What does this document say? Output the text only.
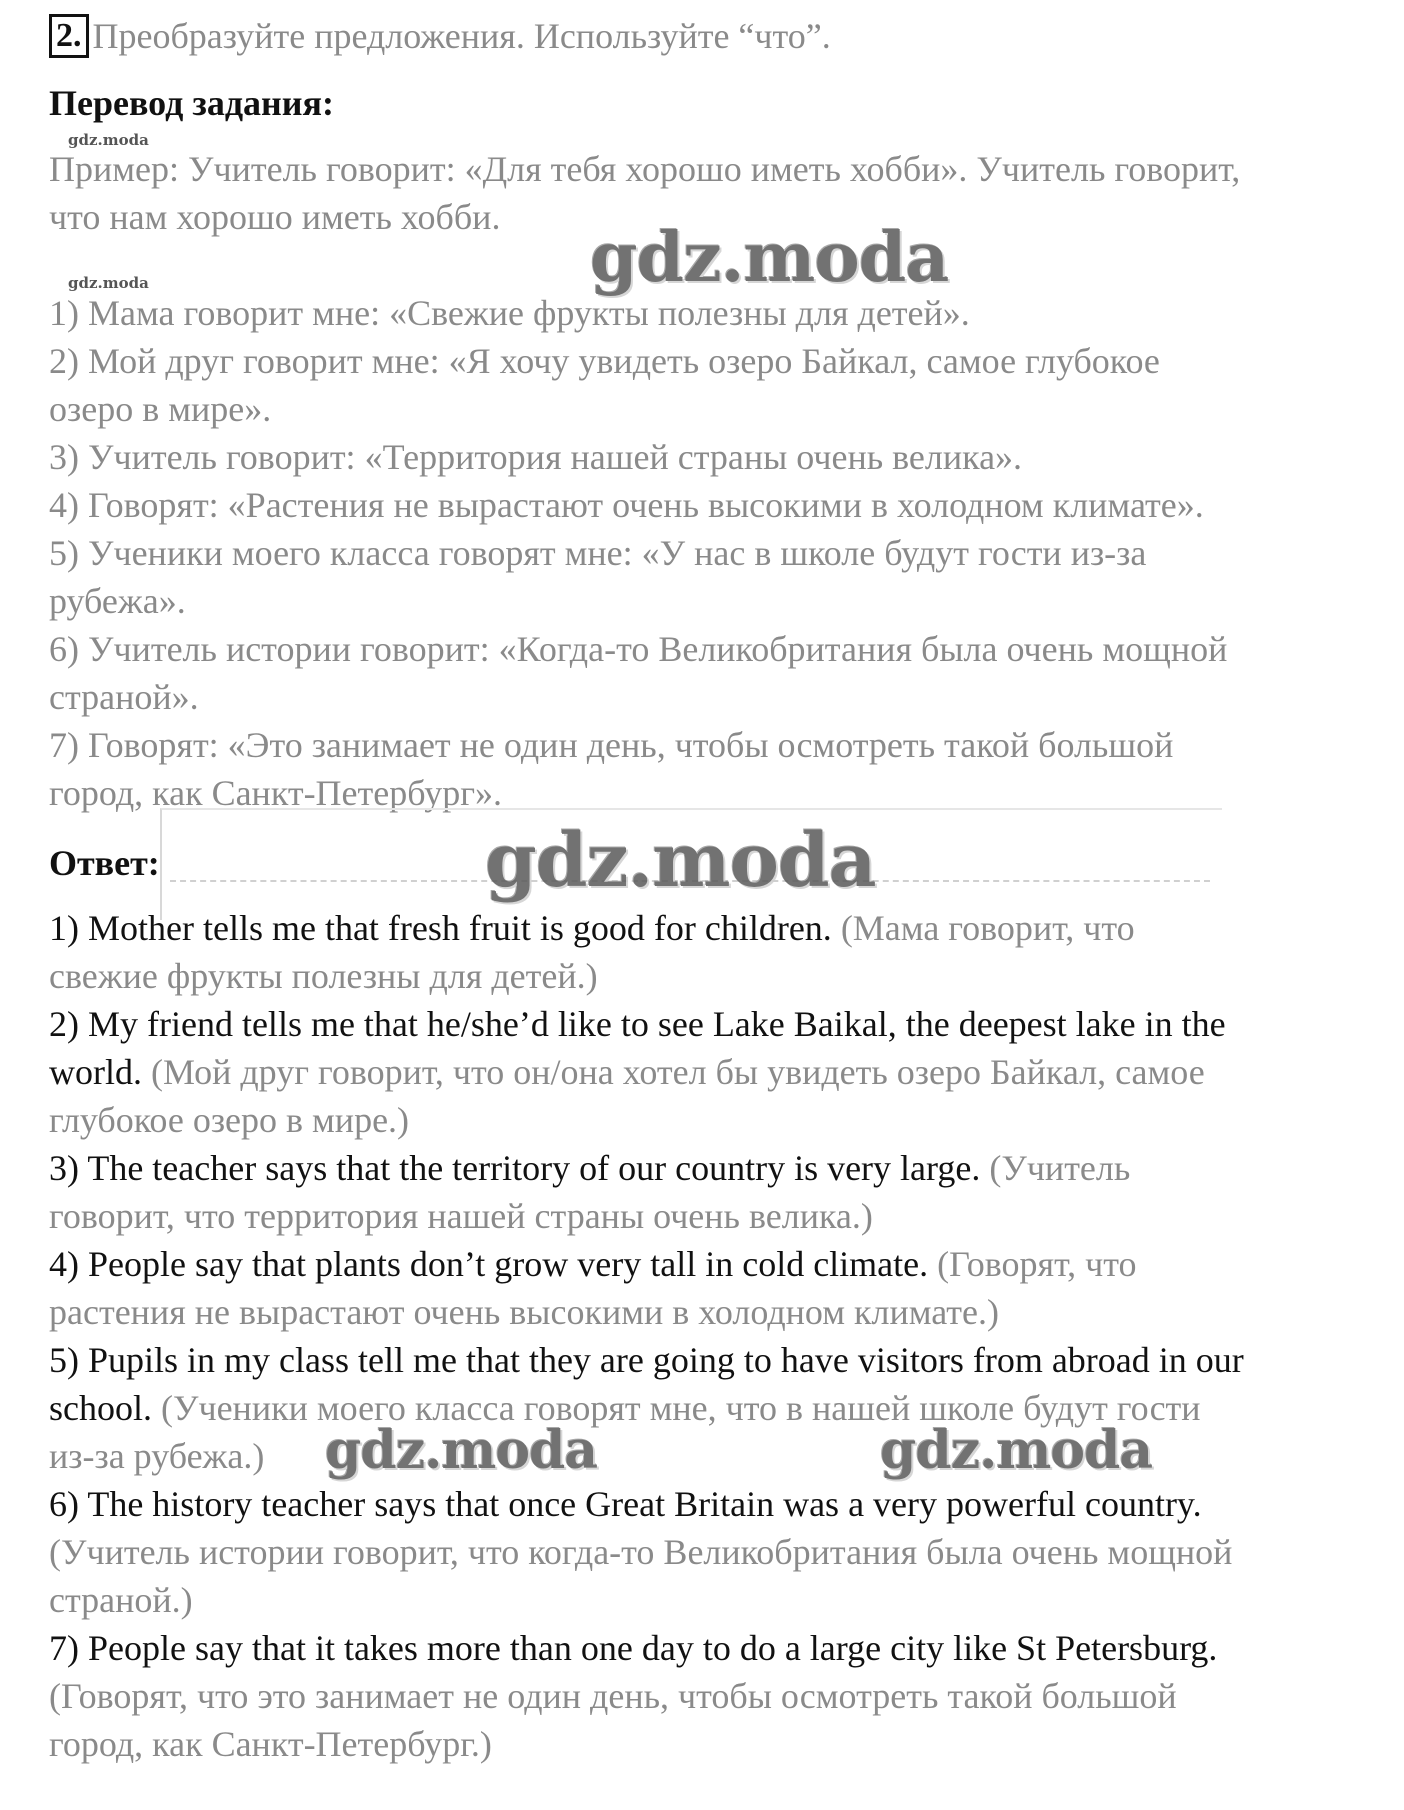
2. Преобразуйте предложения. Используйте “что”.
Перевод задания:
gdz.moda
Пример: Учитель говорит: «Для тебя хорошо иметь хобби». Учитель говорит,
что нам хорошо иметь хобби.
gdz.moda
gdz.moda
1) Мама говорит мне: «Свежие фрукты полезны для детей».
2) Мой друг говорит мне: «Я хочу увидеть озеро Байкал, самое глубокое
озеро в мире».
3) Учитель говорит: «Территория нашей страны очень велика».
4) Говорят: «Растения не вырастают очень высокими в холодном климате».
5) Ученики моего класса говорят мне: «У нас в школе будут гости из-за
рубежа».
6) Учитель истории говорит: «Когда-то Великобритания была очень мощной
страной».
7) Говорят: «Это занимает не один день, чтобы осмотреть такой большой
город, как Санкт-Петербург».
Ответ:	gdz.moda
1) Mother tells me that fresh fruit is good for children. (Мама говорит, что
свежие фрукты полезны для детей.)
2) My friend tells me that he/she’d like to see Lake Baikal, the deepest lake in the
world. (Мой друг говорит, что он/она хотел бы увидеть озеро Байкал, самое
глубокое озеро в мире.)
3) The teacher says that the territory of our country is very large. (Учитель
говорит, что территория нашей страны очень велика.)
4) People say that plants don’t grow very tall in cold climate. (Говорят, что
растения не вырастают очень высокими в холодном климате.)
5) Pupils in my class tell me that they are going to have visitors from abroad in our
school. (Ученики моего класса говорят мне, что в нашей школе будут гости
из-за рубежа.) gdz.moda	gdz.moda
6) The history teacher says that once Great Britain was a very powerful country.
(Учитель истории говорит, что когда-то Великобритания была очень мощной
страной.)
7) People say that it takes more than one day to do a large city like St Petersburg.
(Говорят, что это занимает не один день, чтобы осмотреть такой большой
город, как Санкт-Петербург.)
